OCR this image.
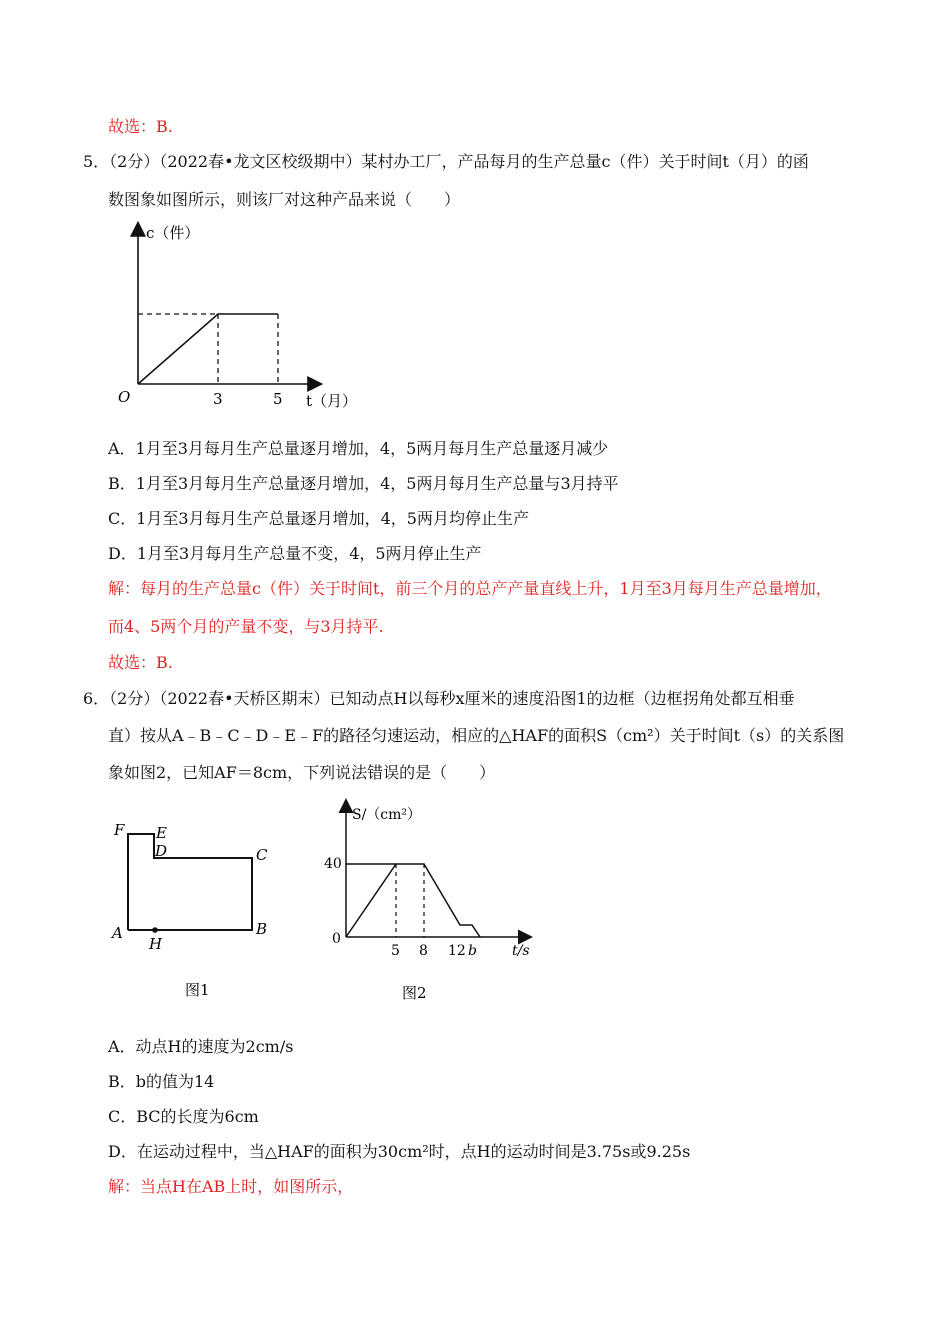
故选：B.
5．（2分）（2022春•龙文区校级期中）某村办工厂，产品每月的生产总量c（件）关于时间t（月）的函
数图象如图所示，则该厂对这种产品来说（　　）
c（件）
O	3	5 t（月）
A．1月至3月每月生产总量逐月增加，4，5两月每月生产总量逐月减少
B．1月至3月每月生产总量逐月增加，4，5两月每月生产总量与3月持平
C．1月至3月每月生产总量逐月增加，4，5两月均停止生产
D．1月至3月每月生产总量不变，4，5两月停止生产
解：每月的生产总量c（件）关于时间t，前三个月的总产产量直线上升，1月至3月每月生产总量增加，
而4、5两个月的产量不变，与3月持平.
故选：B.
6．（2分）（2022春•天桥区期末）已知动点H以每秒x厘米的速度沿图1的边框（边框拐角处都互相垂
直）按从A﹣B﹣C﹣D﹣E﹣F的路径匀速运动，相应的△HAF的面积S（cm²）关于时间t（s）的关系图
象如图2，已知AF＝8cm，下列说法错误的是（　　）
F E
D	C
A
H
B
图1
S/（cm²）
40
0
5 8 12 b	t/s
图2
A．动点H的速度为2cm/s
B．b的值为14
C．BC的长度为6cm
D．在运动过程中，当△HAF的面积为30cm²时，点H的运动时间是3.75s或9.25s
解：当点H在AB上时，如图所示，
